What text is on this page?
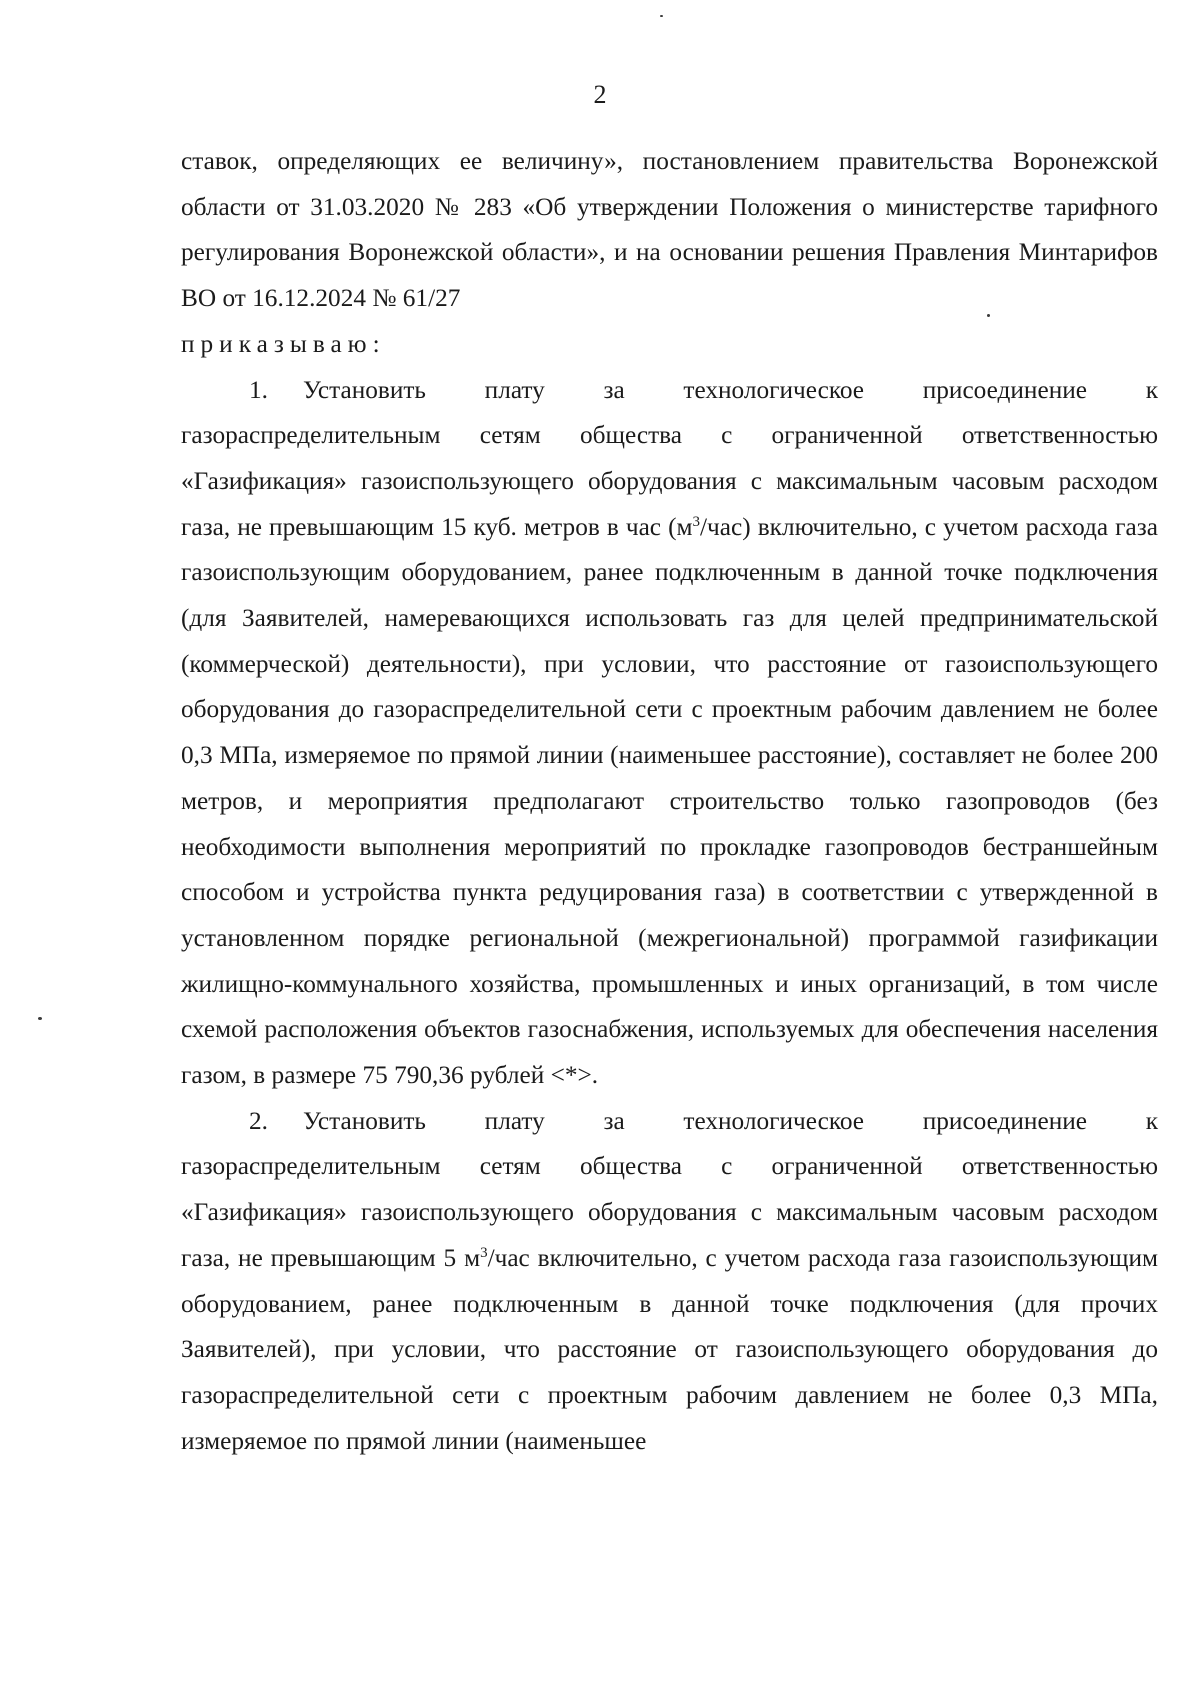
2

ставок, определяющих ее величину», постановлением правительства Воронежской области от 31.03.2020 № 283 «Об утверждении Положения о министерстве тарифного регулирования Воронежской области», и на основании решения Правления Минтарифов ВО от 16.12.2024 № 61/27

приказываю:

1. Установить плату за технологическое присоединение к газораспределительным сетям общества с ограниченной ответственностью «Газификация» газоиспользующего оборудования с максимальным часовым расходом газа, не превышающим 15 куб. метров в час $(м^3/час)$ включительно, с учетом расхода газа газоиспользующим оборудованием, ранее подключенным в данной точке подключения (для Заявителей, намеревающихся использовать газ для целей предпринимательской (коммерческой) деятельности), при условии, что расстояние от газоиспользующего оборудования до газораспределительной сети с проектным рабочим давлением не более 0,3 МПа, измеряемое по прямой линии (наименьшее расстояние), составляет не более 200 метров, и мероприятия предполагают строительство только газопроводов (без необходимости выполнения мероприятий по прокладке газопроводов бестраншейным способом и устройства пункта редуцирования газа) в соответствии с утвержденной в установленном порядке региональной (межрегиональной) программой газификации жилищно-коммунального хозяйства, промышленных и иных организаций, в том числе схемой расположения объектов газоснабжения, используемых для обеспечения населения газом, в размере 75 790,36 рублей <*>.

2. Установить плату за технологическое присоединение к газораспределительным сетям общества с ограниченной ответственностью «Газификация» газоиспользующего оборудования с максимальным часовым расходом газа, не превышающим 5 $м^3$/час включительно, с учетом расхода газа газоиспользующим оборудованием, ранее подключенным в данной точке подключения (для прочих Заявителей), при условии, что расстояние от газоиспользующего оборудования до газораспределительной сети с проектным рабочим давлением не более 0,3 МПа, измеряемое по прямой линии (наименьшее
